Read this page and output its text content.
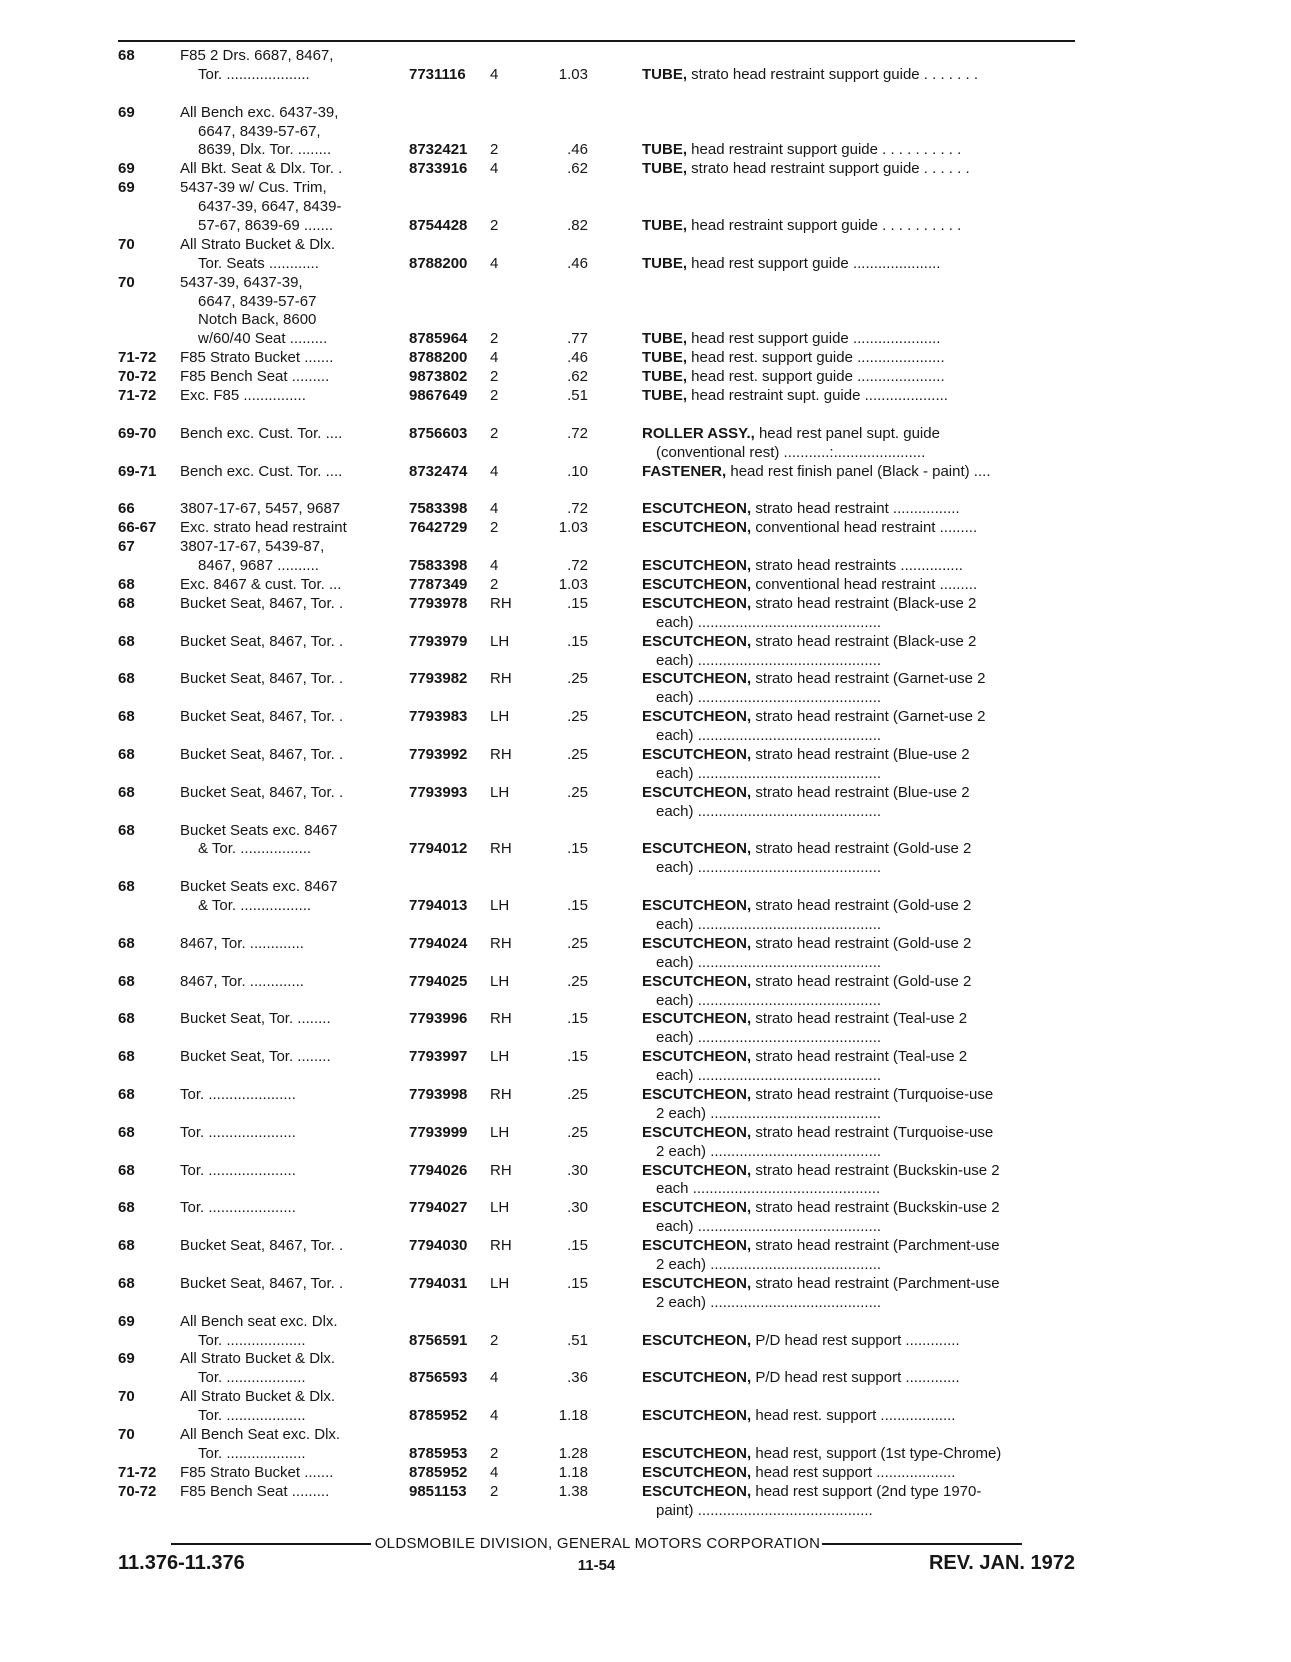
68	F85 2 Drs. 6687, 8467,
Tor. ....................	7731116	4	1.03	TUBE, strato head restraint support guide . . . . . . .
69	All Bench exc. 6437-39,
6647, 8439-57-67,
8639, Dlx. Tor. ........	8732421	2	.46	TUBE, head restraint support guide . . . . . . . . . .
69	All Bkt. Seat & Dlx. Tor. .	8733916	4	.62	TUBE, strato head restraint support guide . . . . . .
69	5437-39 w/ Cus. Trim,
6437-39, 6647, 8439-
57-67, 8639-69 .......	8754428	2	.82	TUBE, head restraint support guide . . . . . . . . . .
70	All Strato Bucket & Dlx.
Tor. Seats ............	8788200	4	.46	TUBE, head rest support guide .....................
70	5437-39, 6437-39,
6647, 8439-57-67
Notch Back, 8600
w/60/40 Seat .........	8785964	2	.77	TUBE, head rest support guide .....................
71-72	F85 Strato Bucket .......	8788200	4	.46	TUBE, head rest. support guide .....................
70-72	F85 Bench Seat .........	9873802	2	.62	TUBE, head rest. support guide .....................
71-72	Exc. F85 ...............	9867649	2	.51	TUBE, head restraint supt. guide ....................
69-70	Bench exc. Cust. Tor. ....	8756603	2	.72	ROLLER ASSY., head rest panel supt. guide
(conventional rest) ...........:......................
69-71	Bench exc. Cust. Tor. ....	8732474	4	.10	FASTENER, head rest finish panel (Black - paint) ....
66	3807-17-67, 5457, 9687	7583398	4	.72	ESCUTCHEON, strato head restraint ................
66-67	Exc. strato head restraint	7642729	2	1.03	ESCUTCHEON, conventional head restraint .........
67	3807-17-67, 5439-87,
8467, 9687 ..........	7583398	4	.72	ESCUTCHEON, strato head restraints ...............
68	Exc. 8467 & cust. Tor. ...	7787349	2	1.03	ESCUTCHEON, conventional head restraint .........
68	Bucket Seat, 8467, Tor. .	7793978	RH	.15	ESCUTCHEON, strato head restraint (Black-use 2
each) ............................................
68	Bucket Seat, 8467, Tor. .	7793979	LH	.15	ESCUTCHEON, strato head restraint (Black-use 2
each) ............................................
68	Bucket Seat, 8467, Tor. .	7793982	RH	.25	ESCUTCHEON, strato head restraint (Garnet-use 2
each) ............................................
68	Bucket Seat, 8467, Tor. .	7793983	LH	.25	ESCUTCHEON, strato head restraint (Garnet-use 2
each) ............................................
68	Bucket Seat, 8467, Tor. .	7793992	RH	.25	ESCUTCHEON, strato head restraint (Blue-use 2
each) ............................................
68	Bucket Seat, 8467, Tor. .	7793993	LH	.25	ESCUTCHEON, strato head restraint (Blue-use 2
each) ............................................
68	Bucket Seats exc. 8467
& Tor. .................	7794012	RH	.15	ESCUTCHEON, strato head restraint (Gold-use 2
each) ............................................
68	Bucket Seats exc. 8467
& Tor. .................	7794013	LH	.15	ESCUTCHEON, strato head restraint (Gold-use 2
each) ............................................
68	8467, Tor. .............	7794024	RH	.25	ESCUTCHEON, strato head restraint (Gold-use 2
each) ............................................
68	8467, Tor. .............	7794025	LH	.25	ESCUTCHEON, strato head restraint (Gold-use 2
each) ............................................
68	Bucket Seat, Tor. ........	7793996	RH	.15	ESCUTCHEON, strato head restraint (Teal-use 2
each) ............................................
68	Bucket Seat, Tor. ........	7793997	LH	.15	ESCUTCHEON, strato head restraint (Teal-use 2
each) ............................................
68	Tor. .....................	7793998	RH	.25	ESCUTCHEON, strato head restraint (Turquoise-use
2 each) .........................................
68	Tor. .....................	7793999	LH	.25	ESCUTCHEON, strato head restraint (Turquoise-use
2 each) .........................................
68	Tor. .....................	7794026	RH	.30	ESCUTCHEON, strato head restraint (Buckskin-use 2
each .............................................
68	Tor. .....................	7794027	LH	.30	ESCUTCHEON, strato head restraint (Buckskin-use 2
each) ............................................
68	Bucket Seat, 8467, Tor. .	7794030	RH	.15	ESCUTCHEON, strato head restraint (Parchment-use
2 each) .........................................
68	Bucket Seat, 8467, Tor. .	7794031	LH	.15	ESCUTCHEON, strato head restraint (Parchment-use
2 each) .........................................
69	All Bench seat exc. Dlx.
Tor. ...................	8756591	2	.51	ESCUTCHEON, P/D head rest support .............
69	All Strato Bucket & Dlx.
Tor. ...................	8756593	4	.36	ESCUTCHEON, P/D head rest support .............
70	All Strato Bucket & Dlx.
Tor. ...................	8785952	4	1.18	ESCUTCHEON, head rest. support ..................
70	All Bench Seat exc. Dlx.
Tor. ...................	8785953	2	1.28	ESCUTCHEON, head rest, support (1st type-Chrome)
71-72	F85 Strato Bucket .......	8785952	4	1.18	ESCUTCHEON, head rest support ...................
70-72	F85 Bench Seat .........	9851153	2	1.38	ESCUTCHEON, head rest support (2nd type 1970-
paint) ..........................................
OLDSMOBILE DIVISION, GENERAL MOTORS CORPORATION
11.376-11.376	11-54	REV. JAN. 1972
